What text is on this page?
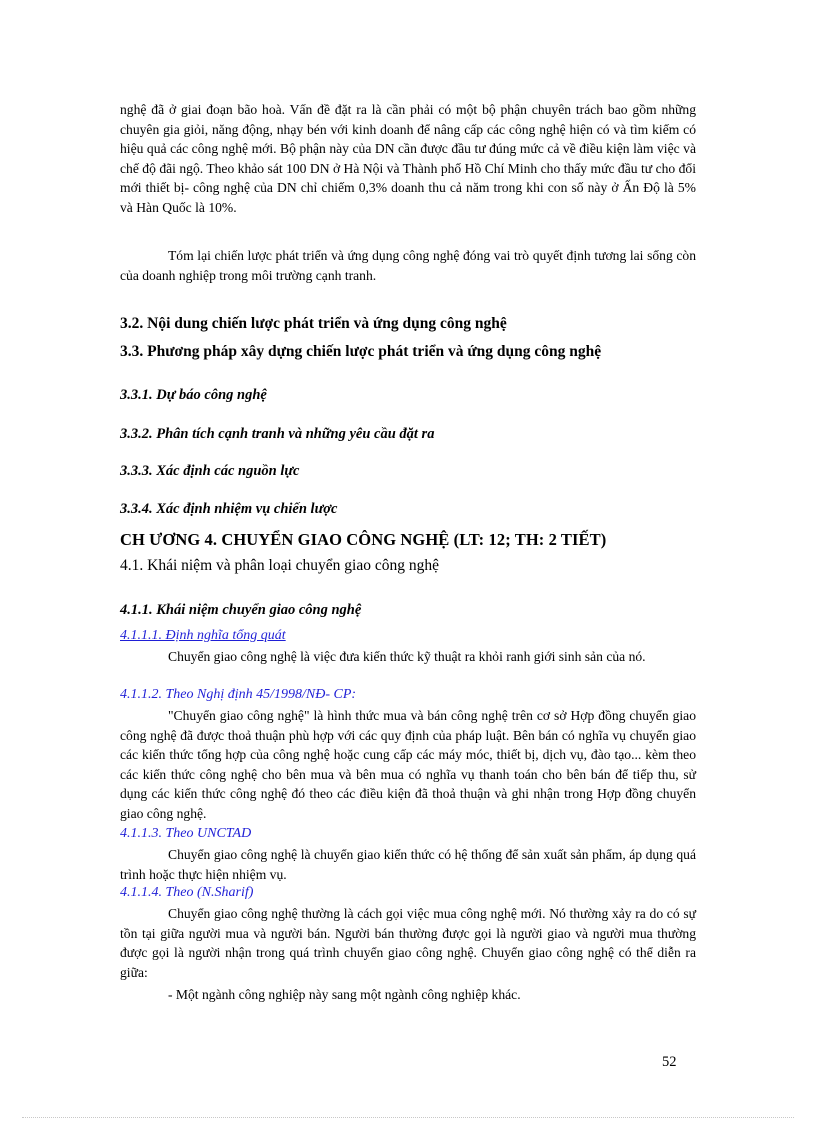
nghệ đã ở giai đoạn bão hoà. Vấn đề đặt ra là cần phải có một bộ phận chuyên trách bao gồm những chuyên gia giỏi, năng động, nhạy bén với kinh doanh để nâng cấp các công nghệ hiện có và tìm kiếm có hiệu quả các công nghệ mới. Bộ phận này của DN cần được đầu tư đúng mức cả về điều kiện làm việc và chế độ đãi ngộ. Theo khảo sát 100 DN ở Hà Nội và Thành phố Hồ Chí Minh cho thấy mức đầu tư cho đổi mới thiết bị- công nghệ của DN chỉ chiếm 0,3% doanh thu cả năm trong khi con số này ở Ấn Độ là 5% và Hàn Quốc là 10%.

Tóm lại chiến lược phát triển và ứng dụng công nghệ đóng vai trò quyết định tương lai sống còn của doanh nghiệp trong môi trường cạnh tranh.

3.2. Nội dung chiến lược phát triển và ứng dụng công nghệ
3.3. Phương pháp xây dựng chiến lược phát triển và ứng dụng công nghệ
3.3.1. Dự báo công nghệ
3.3.2. Phân tích cạnh tranh và những yêu cầu đặt ra
3.3.3. Xác định các nguồn lực
3.3.4. Xác định nhiệm vụ chiến lược
CH ƯƠNG 4. CHUYỂN GIAO CÔNG NGHỆ (LT: 12; TH: 2 TIẾT)
4.1. Khái niệm và phân loại chuyển giao công nghệ
4.1.1. Khái niệm chuyển giao công nghệ
4.1.1.1. Định nghĩa tổng quát

Chuyển giao công nghệ là việc đưa kiến thức kỹ thuật ra khỏi ranh giới sinh sản của nó.

4.1.1.2. Theo Nghị định 45/1998/NĐ- CP:

"Chuyển giao công nghệ" là hình thức mua và bán công nghệ trên cơ sở Hợp đồng chuyển giao công nghệ đã được thoả thuận phù hợp với các quy định của pháp luật. Bên bán có nghĩa vụ chuyển giao các kiến thức tổng hợp của công nghệ hoặc cung cấp các máy móc, thiết bị, dịch vụ, đào tạo... kèm theo các kiến thức công nghệ cho bên mua và bên mua có nghĩa vụ thanh toán cho bên bán để tiếp thu, sử dụng các kiến thức công nghệ đó theo các điều kiện đã thoả thuận và ghi nhận trong Hợp đồng chuyển giao công nghệ.

4.1.1.3. Theo UNCTAD

Chuyển giao công nghệ là chuyển giao kiến thức có hệ thống để sản xuất sản phẩm, áp dụng quá trình hoặc thực hiện nhiệm vụ.

4.1.1.4. Theo (N.Sharif)

Chuyển giao công nghệ thường là cách gọi việc mua công nghệ mới. Nó thường xảy ra do có sự tồn tại giữa người mua và người bán. Người bán thường được gọi là người giao và người mua thường được gọi là người nhận trong quá trình chuyển giao công nghệ. Chuyển giao công nghệ có thể diễn ra giữa:

- Một ngành công nghiệp này sang một ngành công nghiệp khác.
52
